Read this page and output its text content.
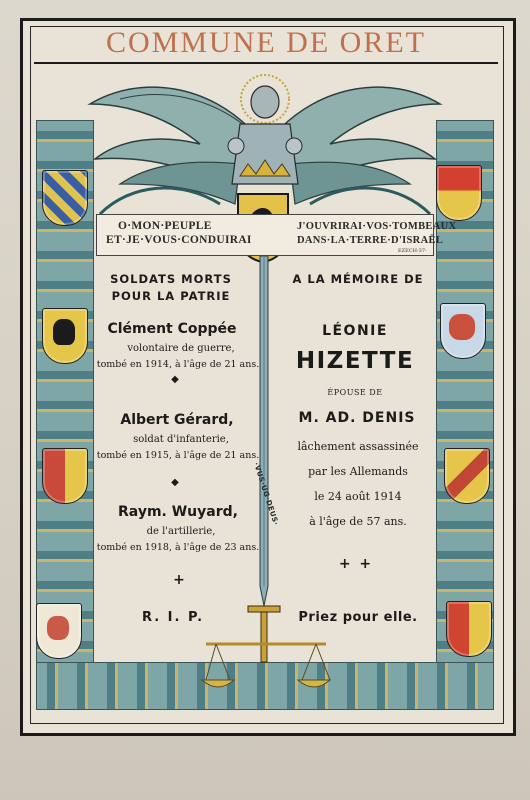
COMMUNE DE ORET
O·MON·PEUPLE
ET·JE·VOUS·CONDUIRAI
J'OUVRIRAI·VOS·TOMBEAUX
DANS·LA·TERRE·D'ISRAËL
EZECH-37-
·VUS·UG·DEUS·
SOLDATS MORTS
POUR LA PATRIE
Clément Coppée
volontaire de guerre,
tombé en 1914, à l'âge de 21 ans.
◆
Albert Gérard,
soldat d'infanterie,
tombé en 1915, à l'âge de 21 ans.
◆
Raym. Wuyard,
de l'artillerie,
tombé en 1918, à l'âge de 23 ans.
+
R. I. P.
A LA MÉMOIRE DE
LÉONIE
HIZETTE
ÉPOUSE DE
M. AD. DENIS
lâchement assassinée
par les Allemands
le 24 août 1914
à l'âge de 57 ans.
+ +
Priez pour elle.
